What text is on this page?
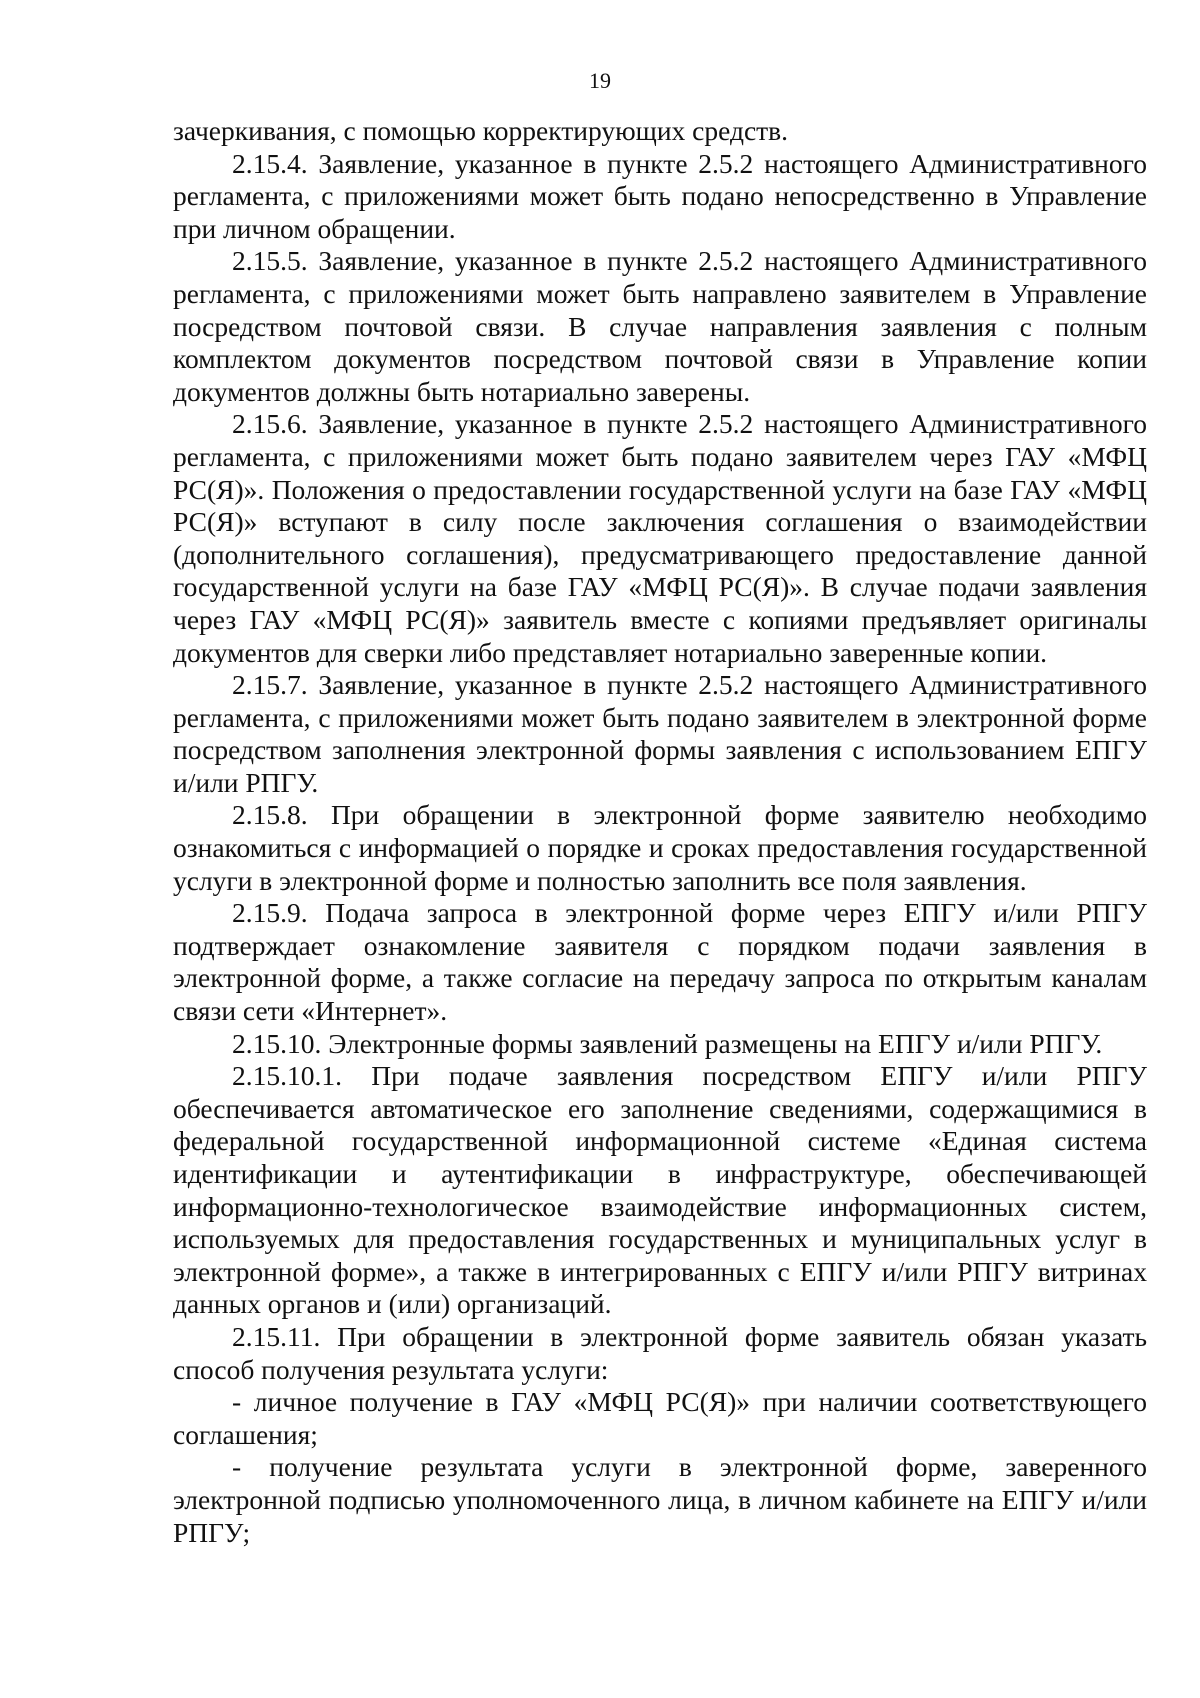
19

зачеркивания, с помощью корректирующих средств.

2.15.4. Заявление, указанное в пункте 2.5.2 настоящего Административного регламента, с приложениями может быть подано непосредственно в Управление при личном обращении.

2.15.5. Заявление, указанное в пункте 2.5.2 настоящего Административного регламента, с приложениями может быть направлено заявителем в Управление посредством почтовой связи. В случае направления заявления с полным комплектом документов посредством почтовой связи в Управление копии документов должны быть нотариально заверены.

2.15.6. Заявление, указанное в пункте 2.5.2 настоящего Административного регламента, с приложениями может быть подано заявителем через ГАУ «МФЦ РС(Я)». Положения о предоставлении государственной услуги на базе ГАУ «МФЦ РС(Я)» вступают в силу после заключения соглашения о взаимодействии (дополнительного соглашения), предусматривающего предоставление данной государственной услуги на базе ГАУ «МФЦ РС(Я)». В случае подачи заявления через ГАУ «МФЦ РС(Я)» заявитель вместе с копиями предъявляет оригиналы документов для сверки либо представляет нотариально заверенные копии.

2.15.7. Заявление, указанное в пункте 2.5.2 настоящего Административного регламента, с приложениями может быть подано заявителем в электронной форме посредством заполнения электронной формы заявления с использованием ЕПГУ и/или РПГУ.

2.15.8. При обращении в электронной форме заявителю необходимо ознакомиться с информацией о порядке и сроках предоставления государственной услуги в электронной форме и полностью заполнить все поля заявления.

2.15.9. Подача запроса в электронной форме через ЕПГУ и/или РПГУ подтверждает ознакомление заявителя с порядком подачи заявления в электронной форме, а также согласие на передачу запроса по открытым каналам связи сети «Интернет».

2.15.10. Электронные формы заявлений размещены на ЕПГУ и/или РПГУ.

2.15.10.1. При подаче заявления посредством ЕПГУ и/или РПГУ обеспечивается автоматическое его заполнение сведениями, содержащимися в федеральной государственной информационной системе «Единая система идентификации и аутентификации в инфраструктуре, обеспечивающей информационно-технологическое взаимодействие информационных систем, используемых для предоставления государственных и муниципальных услуг в электронной форме», а также в интегрированных с ЕПГУ и/или РПГУ витринах данных органов и (или) организаций.

2.15.11. При обращении в электронной форме заявитель обязан указать способ получения результата услуги:

- личное получение в ГАУ «МФЦ РС(Я)» при наличии соответствующего соглашения;

- получение результата услуги в электронной форме, заверенного электронной подписью уполномоченного лица, в личном кабинете на ЕПГУ и/или РПГУ;
